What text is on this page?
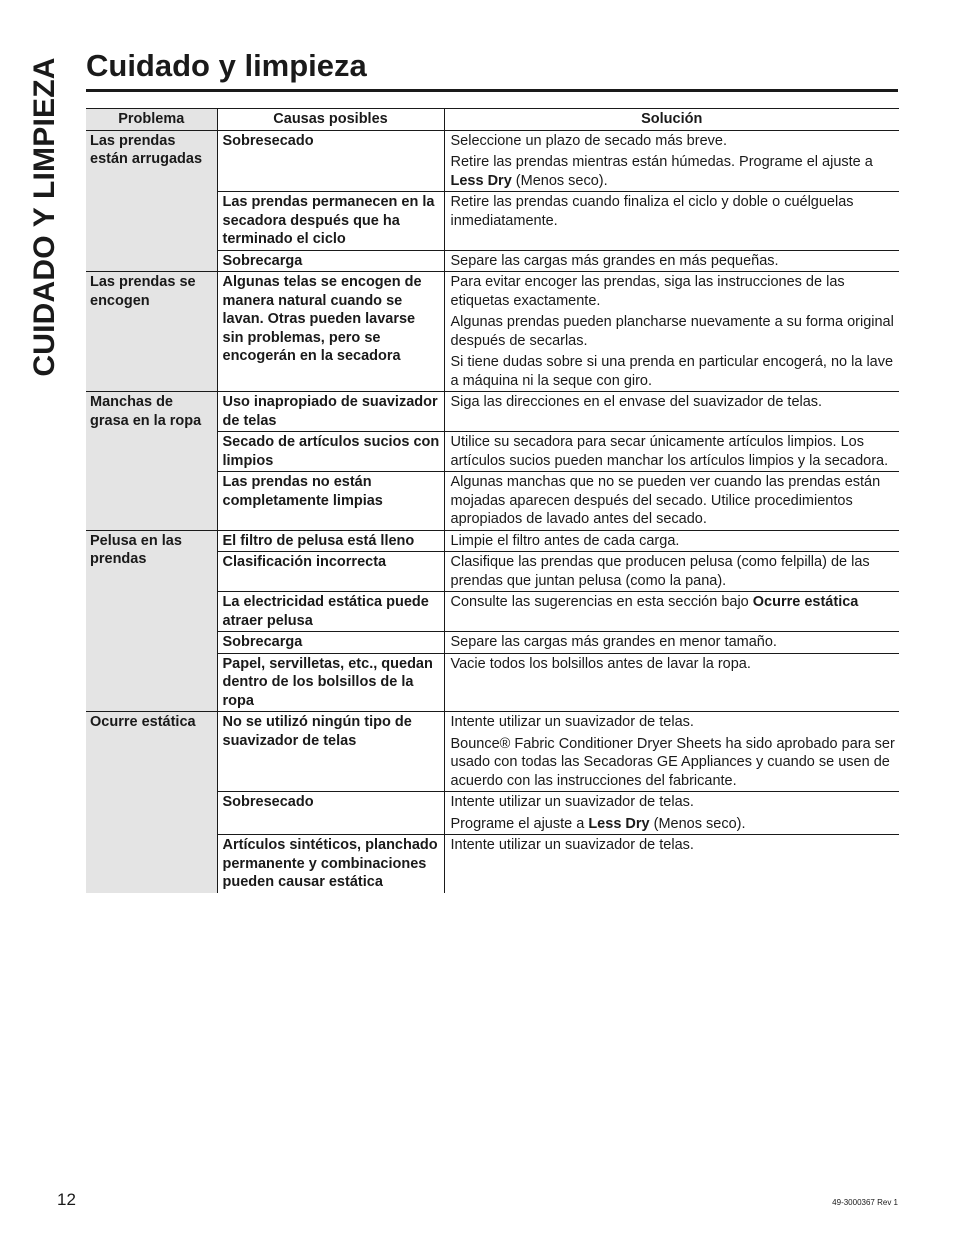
CUIDADO Y LIMPIEZA Cuidado y limpieza
Problema	Causas posibles	Solución
Las prendas están arrugadas	Sobresecado	Seleccione un plazo de secado más breve.

Retire las prendas mientras están húmedas. Programe el ajuste a Less Dry (Menos seco).

	Las prendas permanecen en la secadora después que ha terminado el ciclo	Retire las prendas cuando finaliza el ciclo y doble o cuélguelas inmediatamente.

	Sobrecarga	Separe las cargas más grandes en más pequeñas.

Las prendas se encogen	Algunas telas se encogen de manera natural cuando se lavan. Otras pueden lavarse sin problemas, pero se encogerán en la secadora	Para evitar encoger las prendas, siga las instrucciones de las etiquetas exactamente.

Algunas prendas pueden plancharse nuevamente a su forma original después de secarlas.

Si tiene dudas sobre si una prenda en particular encogerá, no la lave a máquina ni la seque con giro.

Manchas de grasa en la ropa	Uso inapropiado de suavizador de telas	Siga las direcciones en el envase del suavizador de telas.

	Secado de artículos sucios con limpios	Utilice su secadora para secar únicamente artículos limpios. Los artículos sucios pueden manchar los artículos limpios y la secadora.

	Las prendas no están completamente limpias	Algunas manchas que no se pueden ver cuando las prendas están mojadas aparecen después del secado. Utilice procedimientos apropiados de lavado antes del secado.

Pelusa en las prendas	El filtro de pelusa está lleno	Limpie el filtro antes de cada carga.

	Clasificación incorrecta	Clasifique las prendas que producen pelusa (como felpilla) de las prendas que juntan pelusa (como la pana).

	La electricidad estática puede atraer pelusa	Consulte las sugerencias en esta sección bajo Ocurre estática

	Sobrecarga	Separe las cargas más grandes en menor tamaño.

	Papel, servilletas, etc., quedan dentro de los bolsillos de la ropa	Vacie todos los bolsillos antes de lavar la ropa.

Ocurre estática	No se utilizó ningún tipo de suavizador de telas	Intente utilizar un suavizador de telas.

Bounce® Fabric Conditioner Dryer Sheets ha sido aprobado para ser usado con todas las Secadoras GE Appliances y cuando se usen de acuerdo con las instrucciones del fabricante.

	Sobresecado	Intente utilizar un suavizador de telas.

Programe el ajuste a Less Dry (Menos seco).

	Artículos sintéticos, planchado permanente y combinaciones pueden causar estática	Intente utilizar un suavizador de telas.

12	49-3000367 Rev 1
